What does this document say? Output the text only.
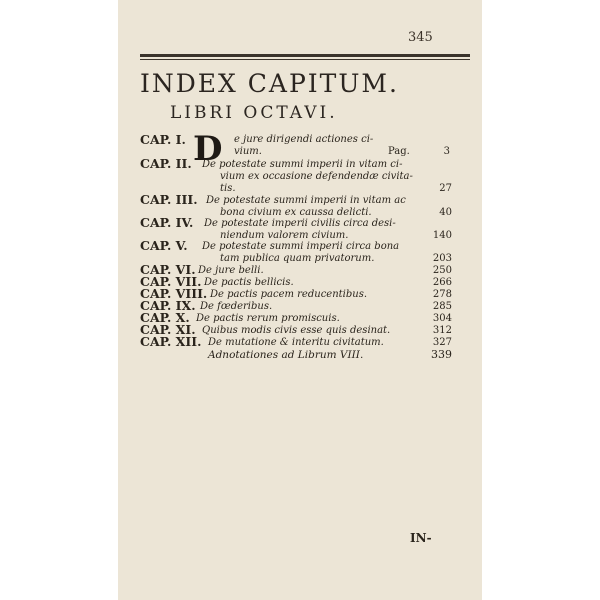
345
INDEX CAPITUM.
LIBRI OCTAVI.
D
CAP. I.	e jure dirigendi actiones ci-
vium.	Pag.	3
CAP. II. De potestate summi imperii in vitam ci-
vium ex occasione defendendæ civita-
tis.	27
CAP. III. De potestate summi imperii in vitam ac
bona civium ex caussa delicti.	40
CAP. IV. De potestate imperii civilis circa desi-
niendum valorem civium.	140
CAP. V. De potestate summi imperii circa bona
tam publica quam privatorum.	203
CAP. VI. De jure belli.	250
CAP. VII. De pactis bellicis.	266
CAP. VIII. De pactis pacem reducentibus.	278
CAP. IX. De fœderibus.	285
CAP. X. De pactis rerum promiscuis.	304
CAP. XI. Quibus modis civis esse quis desinat.	312
CAP. XII. De mutatione & interitu civitatum.	327
Adnotationes ad Librum VIII.	339
IN-
